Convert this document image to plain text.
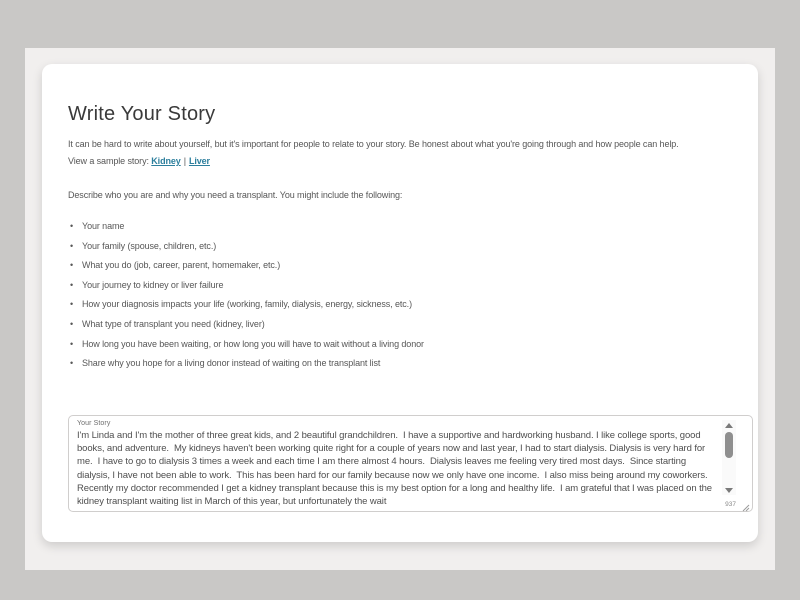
Write Your Story
It can be hard to write about yourself, but it's important for people to relate to your story. Be honest about what you're going through and how people can help.
View a sample story: Kidney | Liver
Describe who you are and why you need a transplant. You might include the following:
• Your name
• Your family (spouse, children, etc.)
• What you do (job, career, parent, homemaker, etc.)
• Your journey to kidney or liver failure
• How your diagnosis impacts your life (working, family, dialysis, energy, sickness, etc.)
• What type of transplant you need (kidney, liver)
• How long you have been waiting, or how long you will have to wait without a living donor
• Share why you hope for a living donor instead of waiting on the transplant list
Your Story
I'm Linda and I'm the mother of three great kids, and 2 beautiful grandchildren.  I have a supportive and hardworking husband. I like college sports, good books, and adventure.  My kidneys haven't been working quite right for a couple of years now and last year, I had to start dialysis. Dialysis is very hard for me.  I have to go to dialysis 3 times a week and each time I am there almost 4 hours.  Dialysis leaves me feeling very tired most days.  Since starting dialysis, I have not been able to work.  This has been hard for our family because now we only have one income.  I also miss being around my coworkers.  Recently my doctor recommended I get a kidney transplant because this is my best option for a long and healthy life.  I am grateful that I was placed on the kidney transplant waiting list in March of this year, but unfortunately the wait	937
